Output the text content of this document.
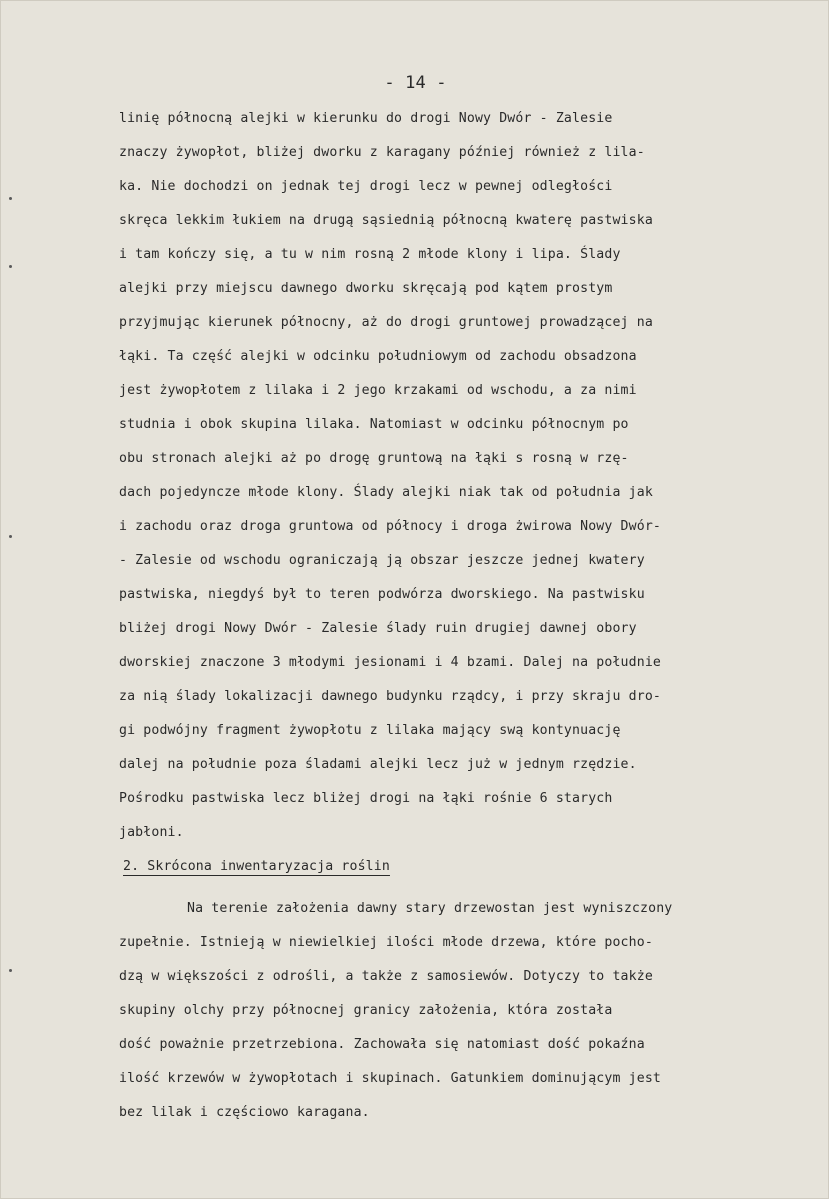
- 14 -
linię północną alejki w kierunku do drogi Nowy Dwór - Zalesie
znaczy żywopłot, bliżej dworku z karagany później również z lila-
ka. Nie dochodzi on jednak tej drogi lecz w pewnej odległości
skręca lekkim łukiem na drugą sąsiednią północną kwaterę pastwiska
i tam kończy się, a tu w nim rosną 2 młode klony i lipa. Ślady
alejki przy miejscu dawnego dworku skręcają pod kątem prostym
przyjmując kierunek północny, aż do drogi gruntowej prowadzącej na
łąki. Ta część alejki w odcinku południowym od zachodu obsadzona
jest żywopłotem z lilaka i 2 jego krzakami od wschodu, a za nimi
studnia i obok skupina lilaka. Natomiast w odcinku północnym po
obu stronach alejki aż po drogę gruntową na łąki s rosną w rzę-
dach pojedyncze młode klony. Ślady alejki niak tak od południa jak
i zachodu oraz droga gruntowa od północy i droga żwirowa Nowy Dwór-
- Zalesie od wschodu ograniczają ją obszar jeszcze jednej kwatery
pastwiska, niegdyś był to teren podwórza dworskiego. Na pastwisku
bliżej drogi Nowy Dwór - Zalesie ślady ruin drugiej dawnej obory
dworskiej znaczone 3 młodymi jesionami i 4 bzami. Dalej na południe
za nią ślady lokalizacji dawnego budynku rządcy, i przy skraju dro-
gi podwójny fragment żywopłotu z lilaka mający swą kontynuację
dalej na południe poza śladami alejki lecz już w jednym rzędzie.
Pośrodku pastwiska lecz bliżej drogi na łąki rośnie 6 starych
jabłoni.
2. Skrócona inwentaryzacja roślin
Na terenie założenia dawny stary drzewostan jest wyniszczony
zupełnie. Istnieją w niewielkiej ilości młode drzewa, które pocho-
dzą w większości z odrośli, a także z samosiewów. Dotyczy to także
skupiny olchy przy północnej granicy założenia, która została
dość poważnie przetrzebiona. Zachowała się natomiast dość pokaźna
ilość krzewów w żywopłotach i skupinach. Gatunkiem dominującym jest
bez lilak i częściowo karagana.
